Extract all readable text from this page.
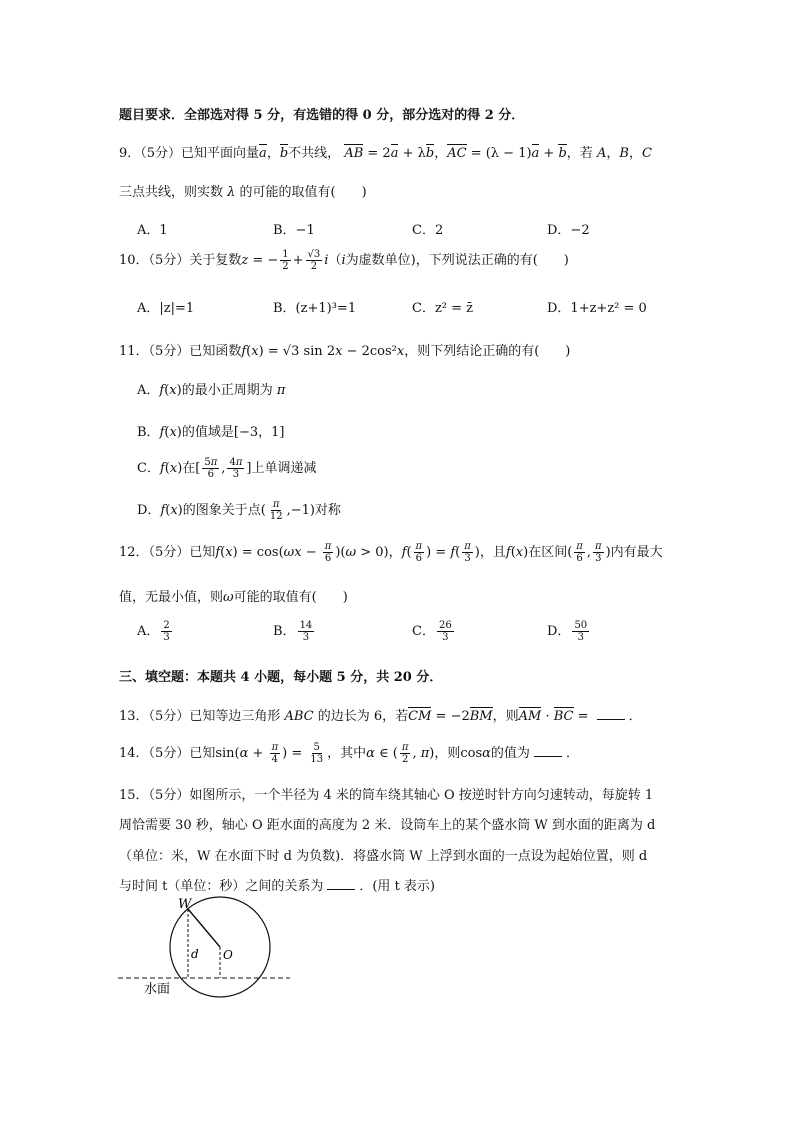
题目要求．全部选对得 5 分，有选错的得 0 分，部分选对的得 2 分．
9．（5分）已知平面向量a，b不共线， AB = 2a + λb，AC = (λ − 1)a + b，若 A，B，C
三点共线，则实数 λ 的可能的取值有(　　)
A．1	B．−1	C．2	D．−2
10．（5分）关于复数z = − $\frac{1}{2} + \frac{√3}{2} i(i$为虚数单位)，下列说法正确的有(　　)
A．|z|=1	B．(z+1)³=1	C．z² = z̄	D．1+z+z² = 0
11．（5分）已知函数f(x) = √3 sin 2x − 2cos²x，则下列结论正确的有(　　)
A．f(x)的最小正周期为 π
B．f(x)的值域是[−3，1]
C．f(x)在[ $\frac{5\pi}{6}$ , $\frac{4\pi}{3}$ ]上单调递减
D．f(x)的图象关于点( $\frac{\pi}{12} ,-1$)对称
12．（5分）已知$f(x) = \cos(\omega x - \frac{\pi}{6} )(\omega > 0)$，$f( \frac{\pi}{6}$ ) = $f( \frac{\pi}{3}$ )，且f(x)在区间( $\frac{\pi}{6}$ , $\frac{\pi}{3}$ )内有最大
值，无最小值，则ω可能的取值有(　　)
A． $\frac{2}{3}$	B． $\frac{14}{3}$	C． $\frac{26}{3}$	D． $\frac{50}{3}$
三、填空题：本题共 4 小题，每小题 5 分，共 20 分．
13．（5分）已知等边三角形 ABC 的边长为 6，若CM = −2BM，则AM · BC =	．
14．（5分）已知$\sin(\alpha + \frac{\pi}{4}$ ) = $\frac{5}{13}$ ，其中α ∈ ( $\frac{\pi}{2}$ , π)，则cosα的值为	．
15．（5分）如图所示，一个半径为 4 米的筒车绕其轴心 O 按逆时针方向匀速转动，每旋转 1
周恰需要 30 秒，轴心 O 距水面的高度为 2 米．设筒车上的某个盛水筒 W 到水面的距离为 d
（单位：米，W 在水面下时 d 为负数)．将盛水筒 W 上浮到水面的一点设为起始位置，则 d
与时间 t（单位：秒）之间的关系为	．(用 t 表示)
W
O
d
水面
